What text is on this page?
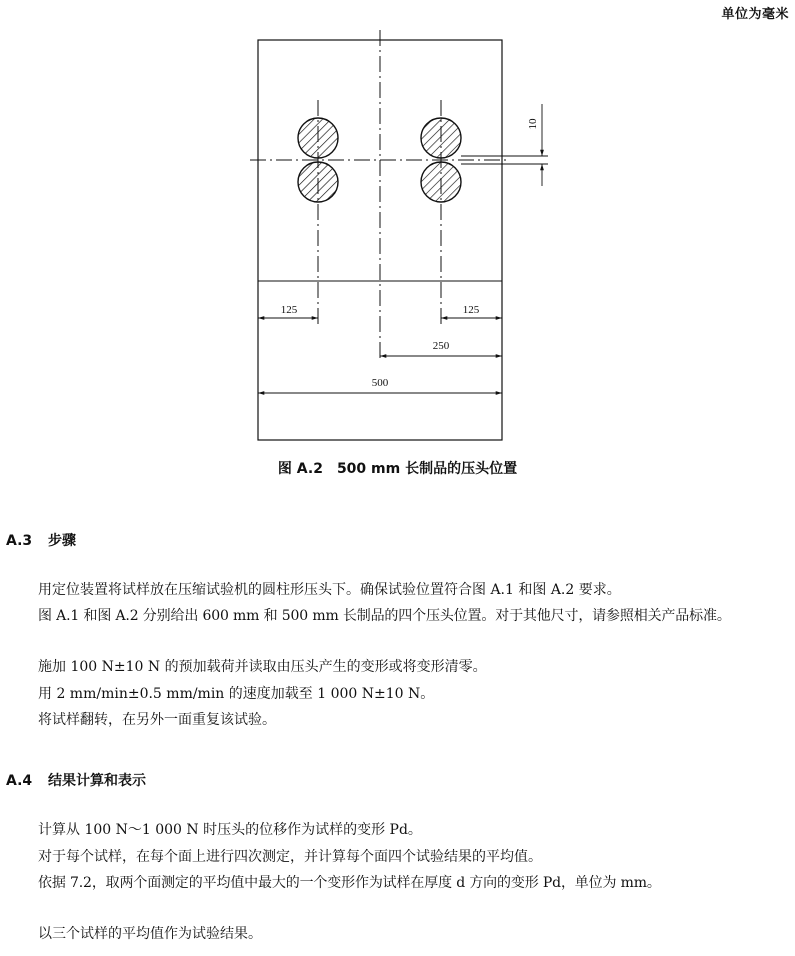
单位为毫米
10
125	125
250
500
图 A.2 500 mm 长制品的压头位置
A.3 步骤

用定位装置将试样放在压缩试验机的圆柱形压头下。确保试验位置符合图 A.1 和图 A.2 要求。

图 A.1 和图 A.2 分别给出 600 mm 和 500 mm 长制品的四个压头位置。对于其他尺寸，请参照相关产品标准。

施加 100 N±10 N 的预加载荷并读取由压头产生的变形或将变形清零。

用 2 mm/min±0.5 mm/min 的速度加载至 1 000 N±10 N。

将试样翻转，在另外一面重复该试验。

A.4 结果计算和表示

计算从 100 N～1 000 N 时压头的位移作为试样的变形 Pd。

对于每个试样，在每个面上进行四次测定，并计算每个面四个试验结果的平均值。

依据 7.2，取两个面测定的平均值中最大的一个变形作为试样在厚度 d 方向的变形 Pd，单位为 mm。

以三个试样的平均值作为试验结果。
